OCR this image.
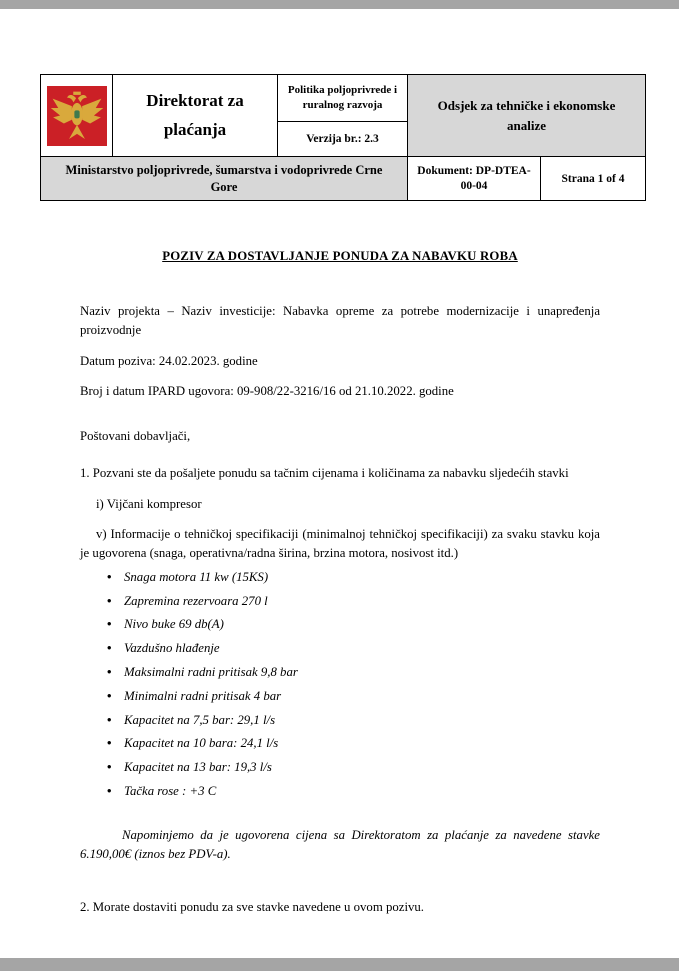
	Direktorat za plaćanja	Politika poljoprivrede i ruralnog razvoja
Verzija br.: 2.3	Odsjek za tehničke i ekonomske analize	
Ministarstvo poljoprivrede, šumarstva i vodoprivrede Crne Gore			Dokument: DP-DTEA-00-04	Strana 1 of 4
POZIV ZA DOSTAVLJANJE PONUDA ZA NABAVKU ROBA

Naziv projekta – Naziv investicije: Nabavka opreme za potrebe modernizacije i unapređenja proizvodnje

Datum poziva: 24.02.2023. godine

Broj i datum IPARD ugovora: 09-908/22-3216/16 od 21.10.2022. godine

Poštovani dobavljači,

1. Pozvani ste da pošaljete ponudu sa tačnim cijenama i količinama za nabavku sljedećih stavki

i) Vijčani kompresor

v) Informacije o tehničkoj specifikaciji (minimalnoj tehničkoj specifikaciji) za svaku stavku koja je ugovorena (snaga, operativna/radna širina, brzina motora, nosivost itd.)

• Snaga motora 11 kw (15KS)
• Zapremina rezervoara 270 l
• Nivo buke 69 db(A)
• Vazdušno hlađenje
• Maksimalni radni pritisak 9,8 bar
• Minimalni radni pritisak 4 bar
• Kapacitet na 7,5 bar: 29,1 l/s
• Kapacitet na 10 bara: 24,1 l/s
• Kapacitet na 13 bar: 19,3 l/s
• Tačka rose : +3 C

Napominjemo da je ugovorena cijena sa Direktoratom za plaćanje za navedene stavke 6.190,00€ (iznos bez PDV-a).

2. Morate dostaviti ponudu za sve stavke navedene u ovom pozivu.
